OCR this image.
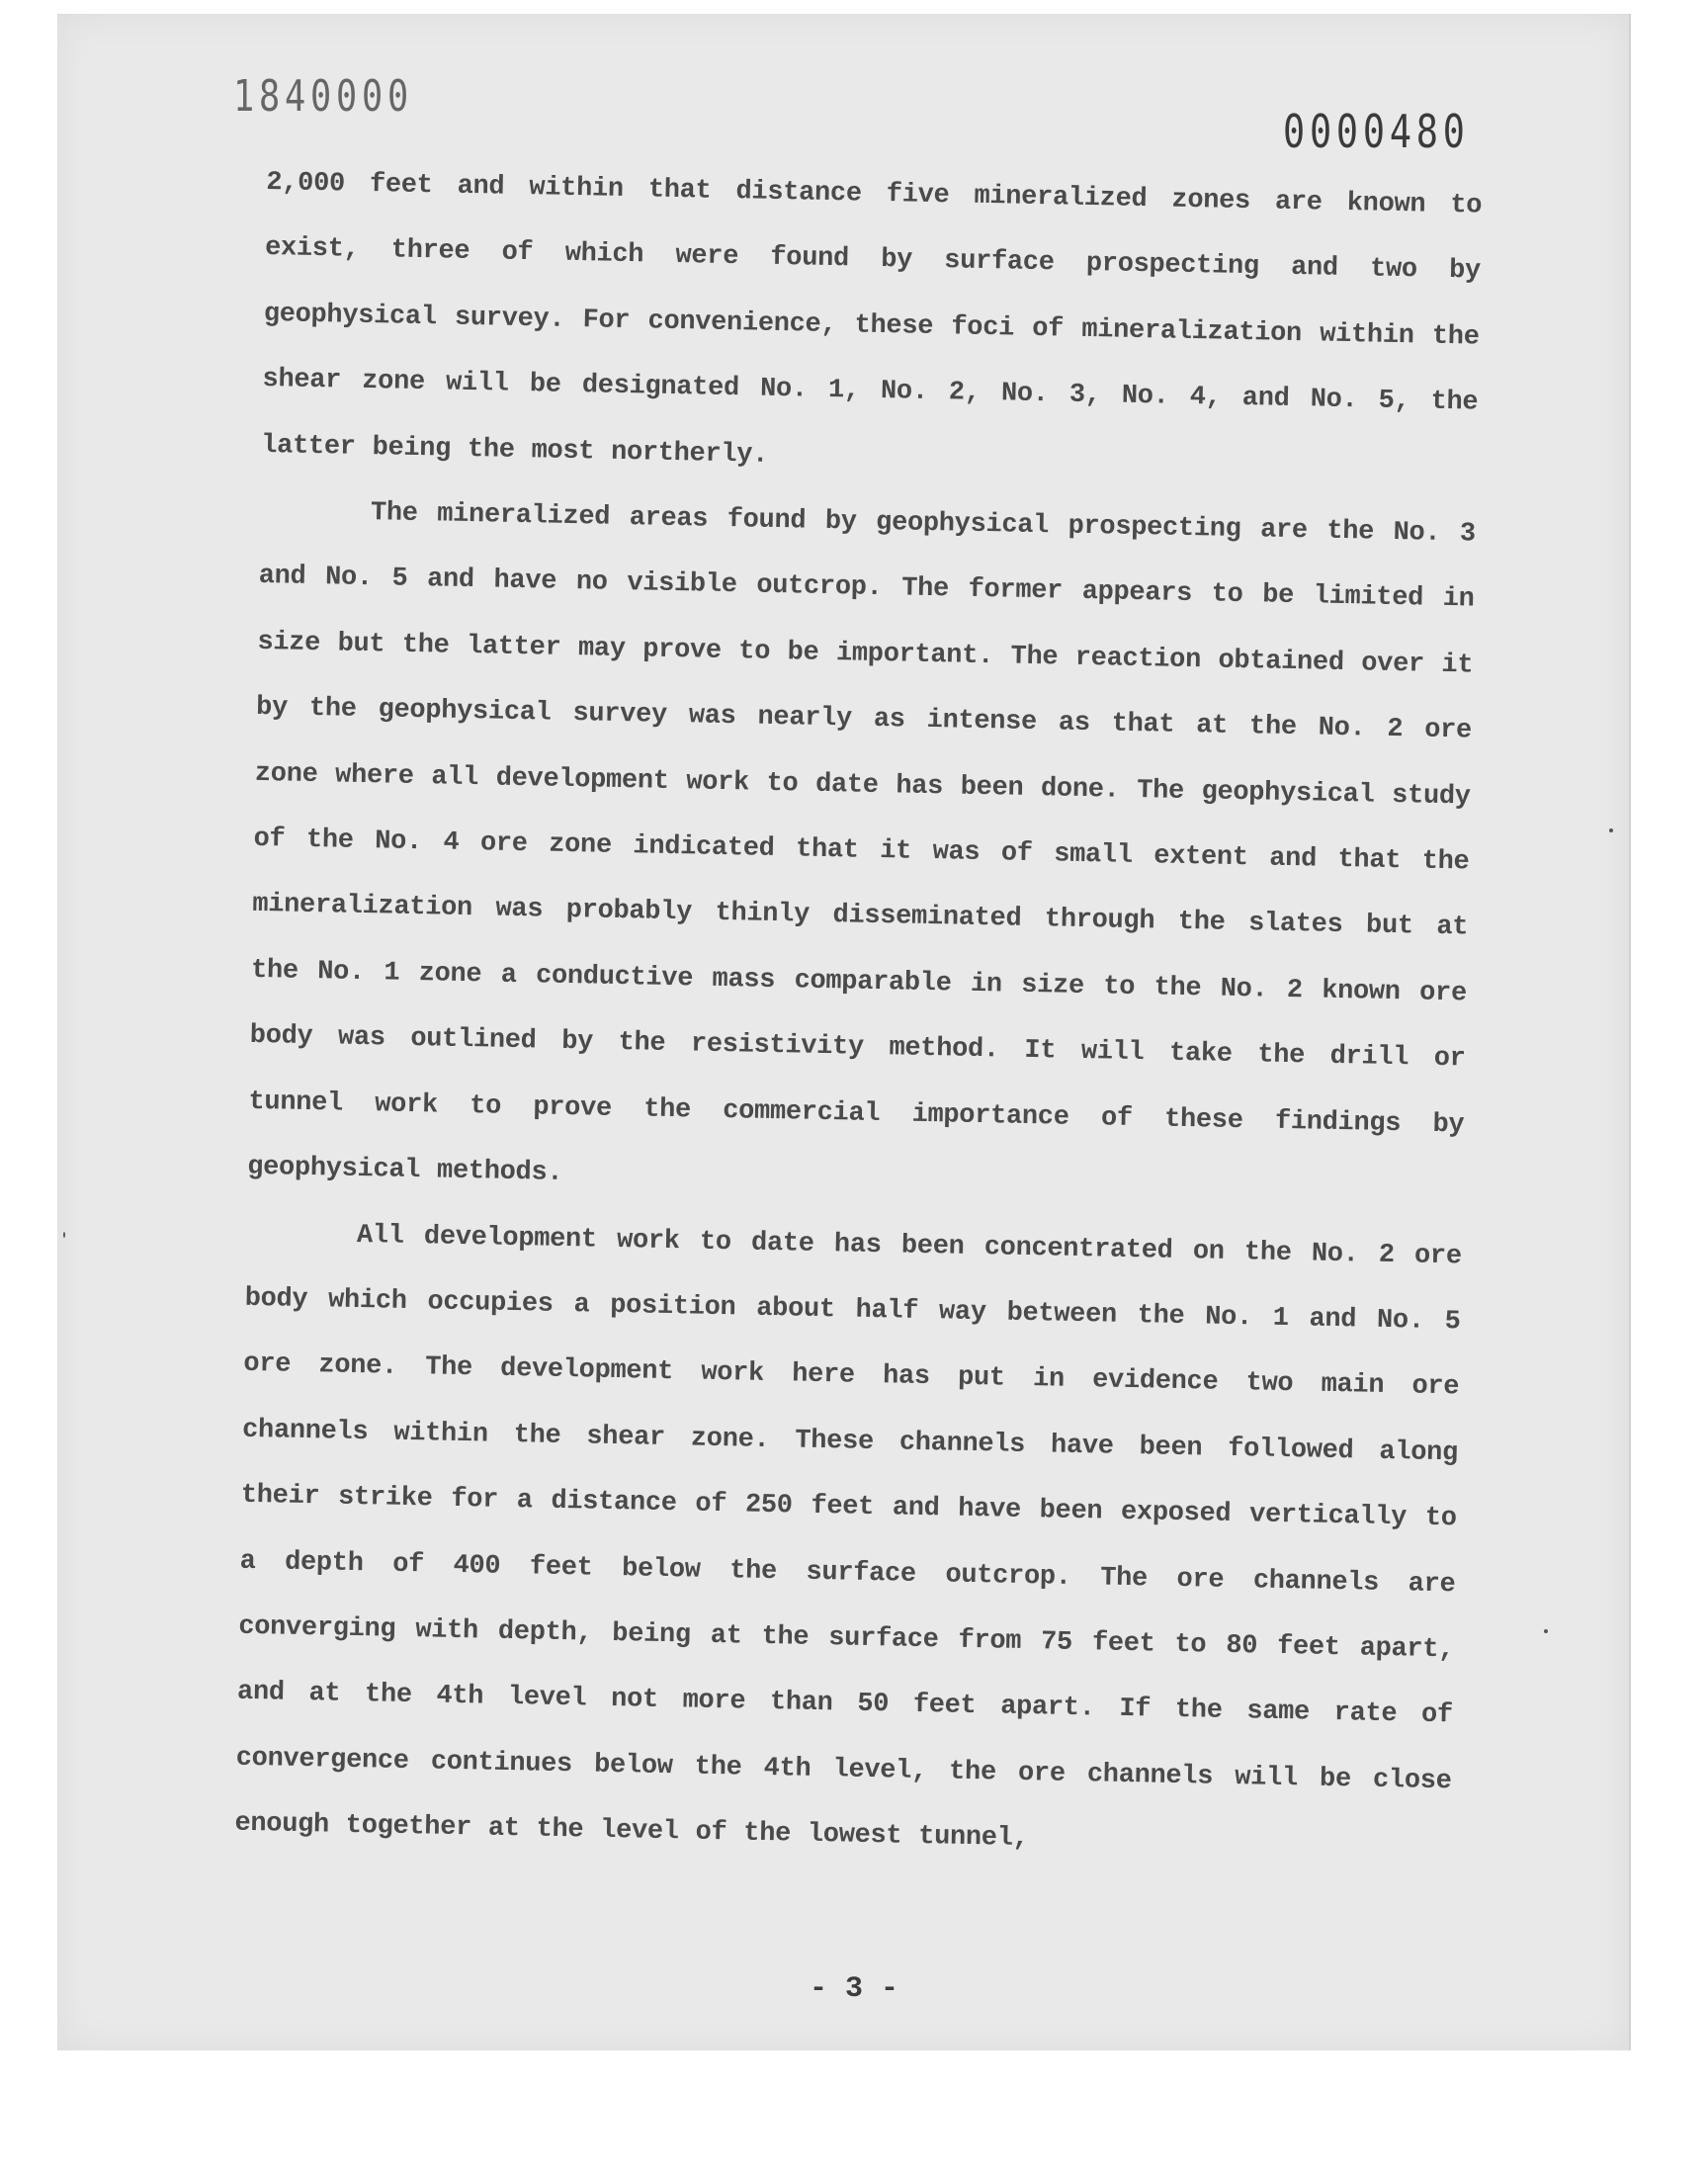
1840000
0000480

2,000 feet and within that distance five mineralized zones are known to exist, three of which were found by surface prospecting and two by geophysical survey. For convenience, these foci of mineralization within the shear zone will be designated No. 1, No. 2, No. 3, No. 4, and No. 5, the latter being the most northerly.

The mineralized areas found by geophysical prospecting are the No. 3 and No. 5 and have no visible outcrop. The former appears to be limited in size but the latter may prove to be important. The reaction obtained over it by the geophysical survey was nearly as intense as that at the No. 2 ore zone where all development work to date has been done. The geophysical study of the No. 4 ore zone indicated that it was of small extent and that the mineralization was probably thinly disseminated through the slates but at the No. 1 zone a conductive mass comparable in size to the No. 2 known ore body was outlined by the resistivity method. It will take the drill or tunnel work to prove the commercial importance of these findings by geophysical methods.

All development work to date has been concentrated on the No. 2 ore body which occupies a position about half way between the No. 1 and No. 5 ore zone. The development work here has put in evidence two main ore channels within the shear zone. These channels have been followed along their strike for a distance of 250 feet and have been exposed vertically to a depth of 400 feet below the surface outcrop. The ore channels are converging with depth, being at the surface from 75 feet to 80 feet apart, and at the 4th level not more than 50 feet apart. If the same rate of convergence continues below the 4th level, the ore channels will be close enough together at the level of the lowest tunnel,

- 3 -
